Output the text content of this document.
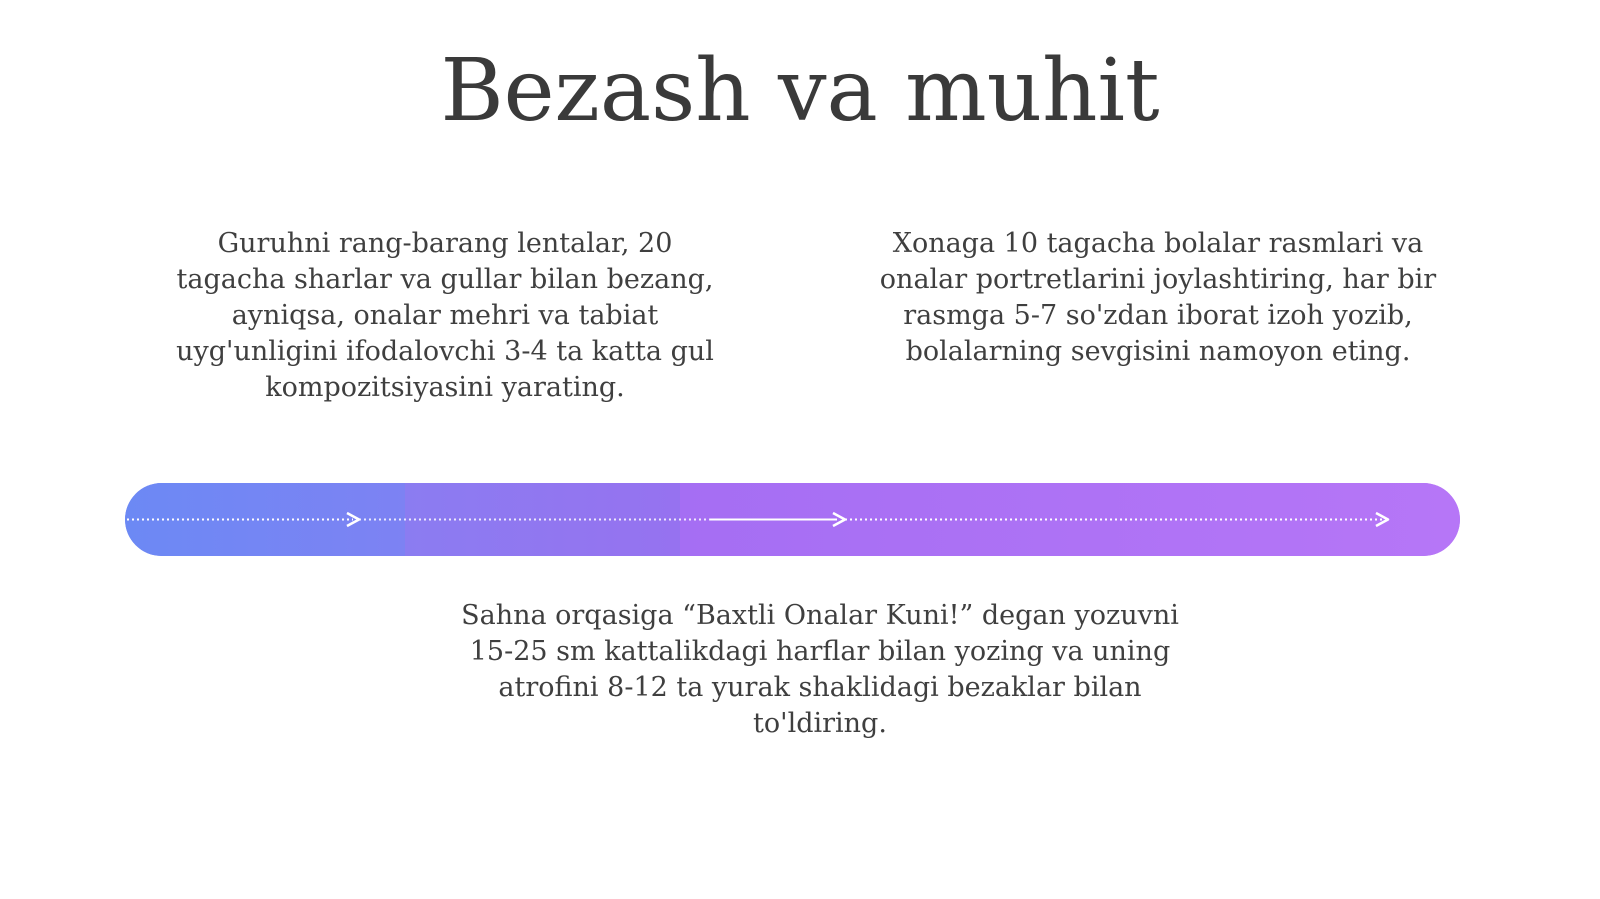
Bezash va muhit
Guruhni rang-barang lentalar, 20 tagacha sharlar va gullar bilan bezang, ayniqsa, onalar mehri va tabiat uyg'unligini ifodalovchi 3-4 ta katta gul kompozitsiyasini yarating.
Xonaga 10 tagacha bolalar rasmlari va onalar portretlarini joylashtiring, har bir rasmga 5-7 so'zdan iborat izoh yozib, bolalarning sevgisini namoyon eting.
Sahna orqasiga “Baxtli Onalar Kuni!” degan yozuvni 15-25 sm kattalikdagi harflar bilan yozing va uning atrofini 8-12 ta yurak shaklidagi bezaklar bilan to'ldiring.
